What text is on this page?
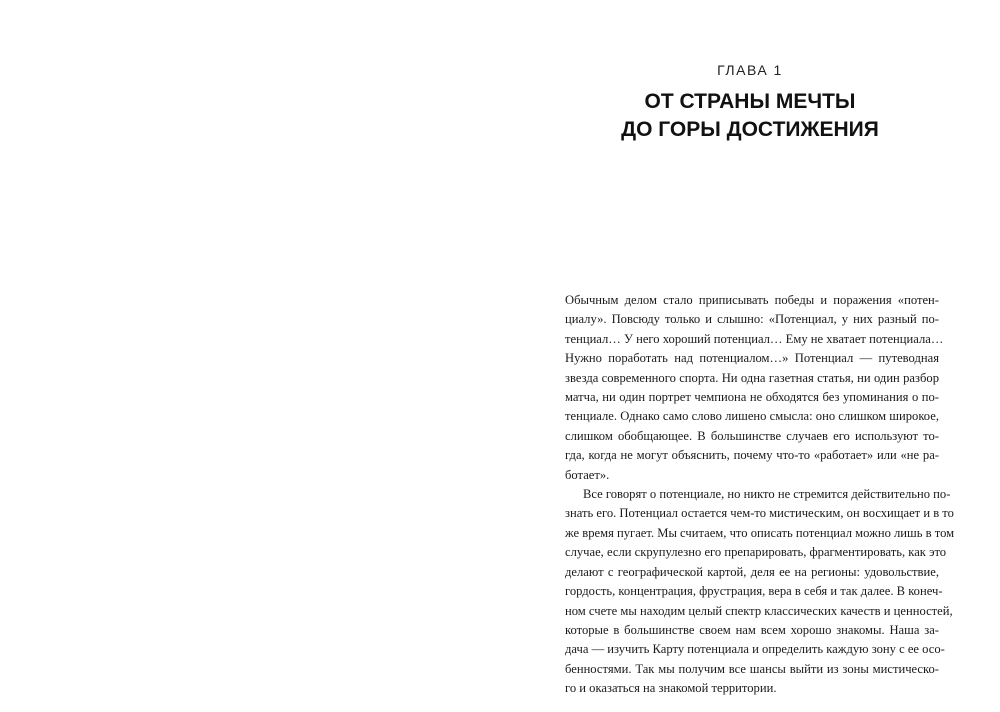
ГЛАВА 1
ОТ СТРАНЫ МЕЧТЫ
ДО ГОРЫ ДОСТИЖЕНИЯ

Обычным делом стало приписывать победы и поражения «потен-
циалу». Повсюду только и слышно: «Потенциал, у них разный по-
тенциал… У него хороший потенциал… Ему не хватает потенциала…
Нужно поработать над потенциалом…» Потенциал — путеводная
звезда современного спорта. Ни одна газетная статья, ни один разбор
матча, ни один портрет чемпиона не обходятся без упоминания о по-
тенциале. Однако само слово лишено смысла: оно слишком широкое,
слишком обобщающее. В большинстве случаев его используют то-
гда, когда не могут объяснить, почему что-то «работает» или «не ра-
ботает».

Все говорят о потенциале, но никто не стремится действительно по-
знать его. Потенциал остается чем-то мистическим, он восхищает и в то
же время пугает. Мы считаем, что описать потенциал можно лишь в том
случае, если скрупулезно его препарировать, фрагментировать, как это
делают с географической картой, деля ее на регионы: удовольствие,
гордость, концентрация, фрустрация, вера в себя и так далее. В конеч-
ном счете мы находим целый спектр классических качеств и ценностей,
которые в большинстве своем нам всем хорошо знакомы. Наша за-
дача — изучить Карту потенциала и определить каждую зону с ее осо-
бенностями. Так мы получим все шансы выйти из зоны мистическо-
го и оказаться на знакомой территории.
